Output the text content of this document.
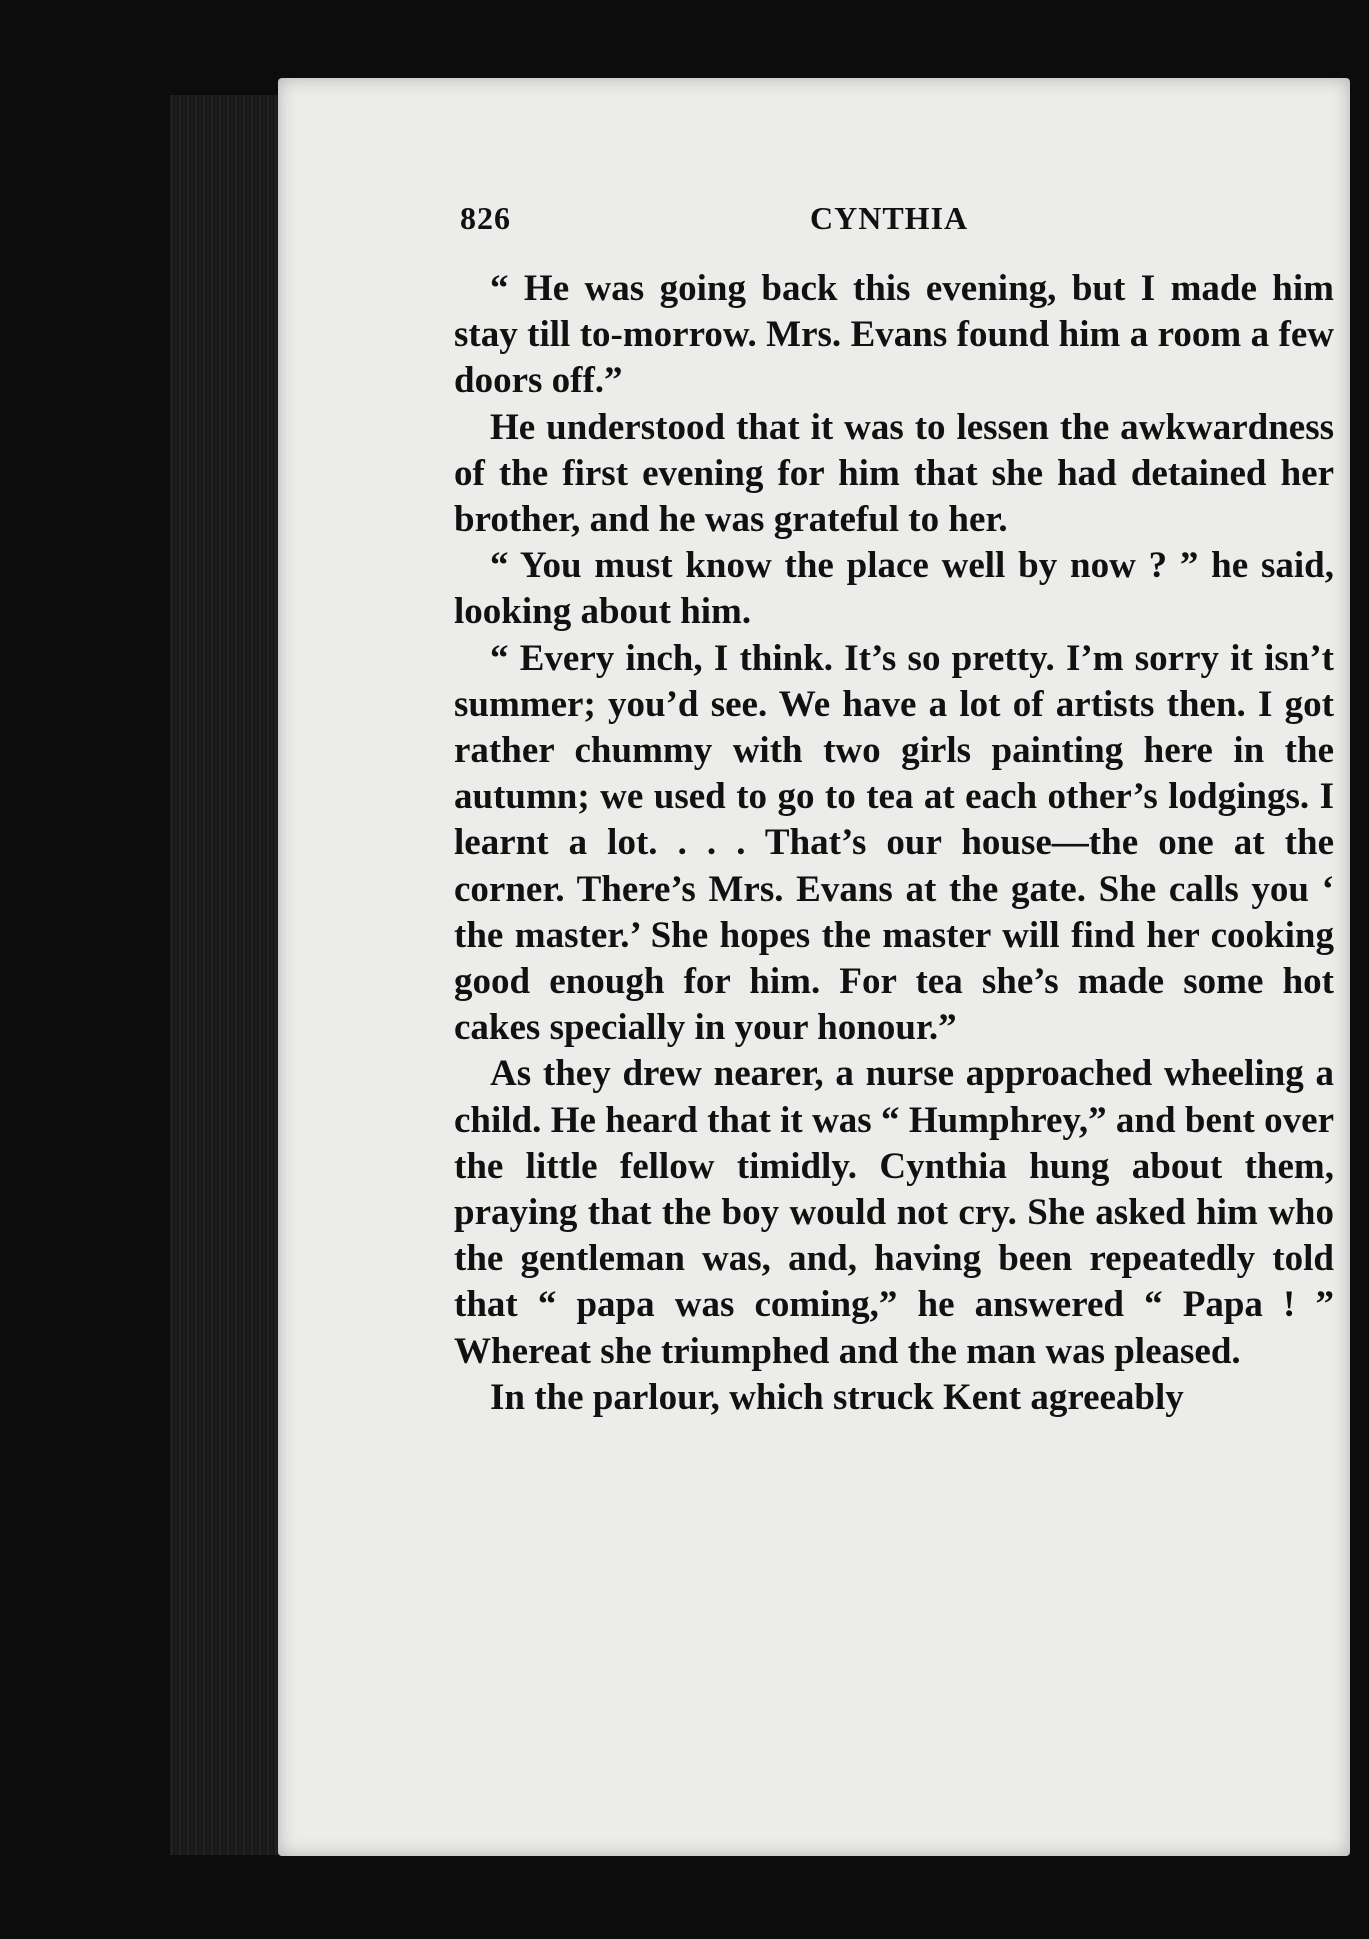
826	CYNTHIA

“ He was going back this evening, but I made him stay till to-morrow. Mrs. Evans found him a room a few doors off.”

He understood that it was to lessen the awkwardness of the first evening for him that she had detained her brother, and he was grateful to her.

“ You must know the place well by now ? ” he said, looking about him.

“ Every inch, I think. It’s so pretty. I’m sorry it isn’t summer; you’d see. We have a lot of artists then. I got rather chummy with two girls painting here in the autumn; we used to go to tea at each other’s lodgings. I learnt a lot. . . . That’s our house—the one at the corner. There’s Mrs. Evans at the gate. She calls you ‘ the master.’ She hopes the master will find her cooking good enough for him. For tea she’s made some hot cakes specially in your honour.”

As they drew nearer, a nurse approached wheeling a child. He heard that it was “ Humphrey,” and bent over the little fellow timidly. Cynthia hung about them, praying that the boy would not cry. She asked him who the gentleman was, and, having been repeatedly told that “ papa was coming,” he answered “ Papa ! ” Whereat she triumphed and the man was pleased.

In the parlour, which struck Kent agreeably
